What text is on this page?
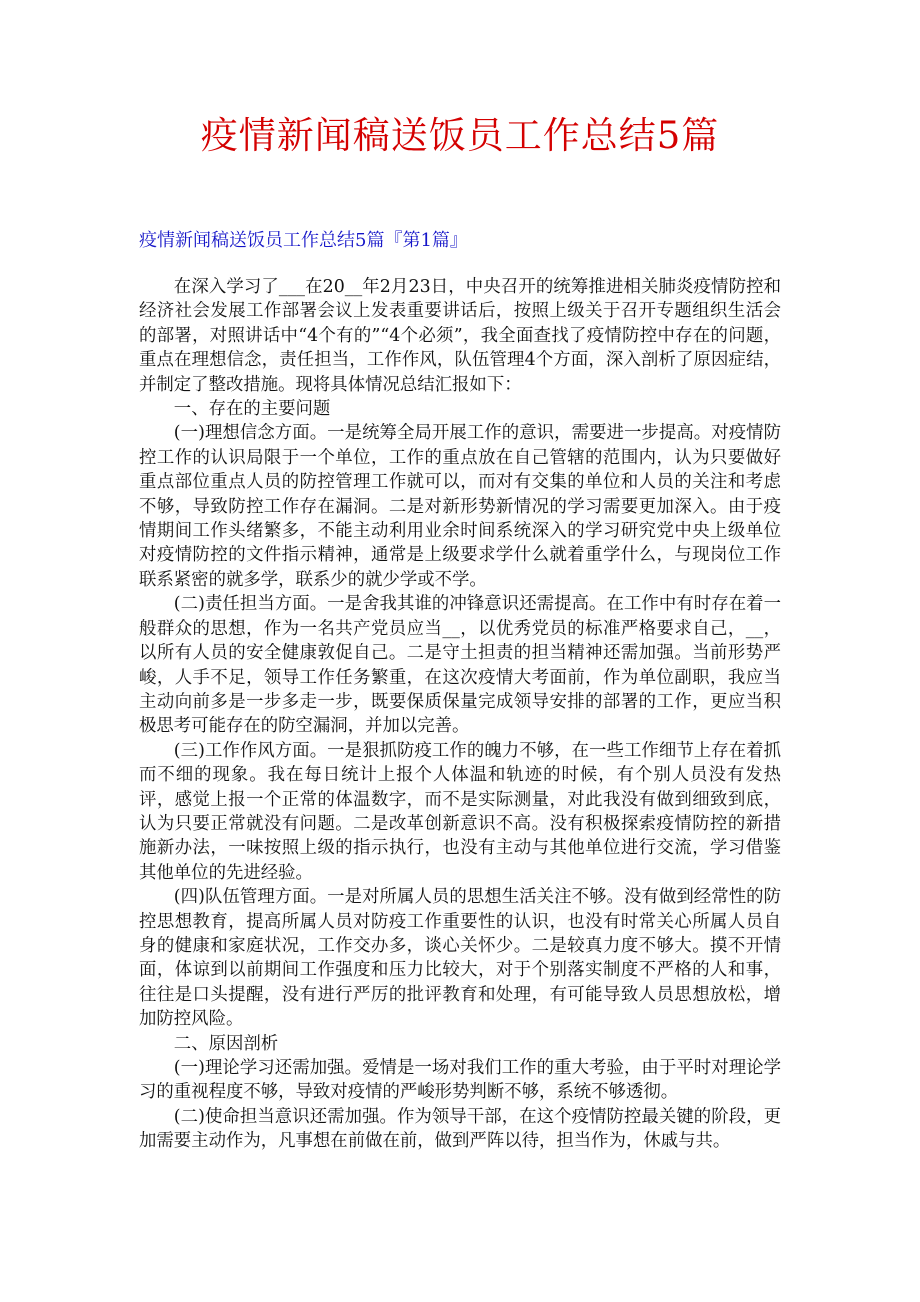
疫情新闻稿送饭员工作总结5篇
疫情新闻稿送饭员工作总结5篇『第1篇』

在深入学习了___在20__年2月23日，中央召开的统筹推进相关肺炎疫情防控和经济社会发展工作部署会议上发表重要讲话后，按照上级关于召开专题组织生活会的部署，对照讲话中“4个有的”“4个必须”，我全面查找了疫情防控中存在的问题，重点在理想信念，责任担当，工作作风，队伍管理4个方面，深入剖析了原因症结，并制定了整改措施。现将具体情况总结汇报如下：

一、存在的主要问题

(一)理想信念方面。一是统筹全局开展工作的意识，需要进一步提高。对疫情防控工作的认识局限于一个单位，工作的重点放在自己管辖的范围内，认为只要做好重点部位重点人员的防控管理工作就可以，而对有交集的单位和人员的关注和考虑不够，导致防控工作存在漏洞。二是对新形势新情况的学习需要更加深入。由于疫情期间工作头绪繁多，不能主动利用业余时间系统深入的学习研究党中央上级单位对疫情防控的文件指示精神，通常是上级要求学什么就着重学什么，与现岗位工作联系紧密的就多学，联系少的就少学或不学。

(二)责任担当方面。一是舍我其谁的冲锋意识还需提高。在工作中有时存在着一般群众的思想，作为一名共产党员应当__，以优秀党员的标准严格要求自己，__，以所有人员的安全健康敦促自己。二是守土担责的担当精神还需加强。当前形势严峻，人手不足，领导工作任务繁重，在这次疫情大考面前，作为单位副职，我应当主动向前多是一步多走一步，既要保质保量完成领导安排的部署的工作，更应当积极思考可能存在的防空漏洞，并加以完善。

(三)工作作风方面。一是狠抓防疫工作的魄力不够，在一些工作细节上存在着抓而不细的现象。我在每日统计上报个人体温和轨迹的时候，有个别人员没有发热评，感觉上报一个正常的体温数字，而不是实际测量，对此我没有做到细致到底，认为只要正常就没有问题。二是改革创新意识不高。没有积极探索疫情防控的新措施新办法，一味按照上级的指示执行，也没有主动与其他单位进行交流，学习借鉴其他单位的先进经验。

(四)队伍管理方面。一是对所属人员的思想生活关注不够。没有做到经常性的防控思想教育，提高所属人员对防疫工作重要性的认识，也没有时常关心所属人员自身的健康和家庭状况，工作交办多，谈心关怀少。二是较真力度不够大。摸不开情面，体谅到以前期间工作强度和压力比较大，对于个别落实制度不严格的人和事，往往是口头提醒，没有进行严厉的批评教育和处理，有可能导致人员思想放松，增加防控风险。

二、原因剖析

(一)理论学习还需加强。爱情是一场对我们工作的重大考验，由于平时对理论学习的重视程度不够，导致对疫情的严峻形势判断不够，系统不够透彻。

(二)使命担当意识还需加强。作为领导干部，在这个疫情防控最关键的阶段，更加需要主动作为，凡事想在前做在前，做到严阵以待，担当作为，休戚与共。
